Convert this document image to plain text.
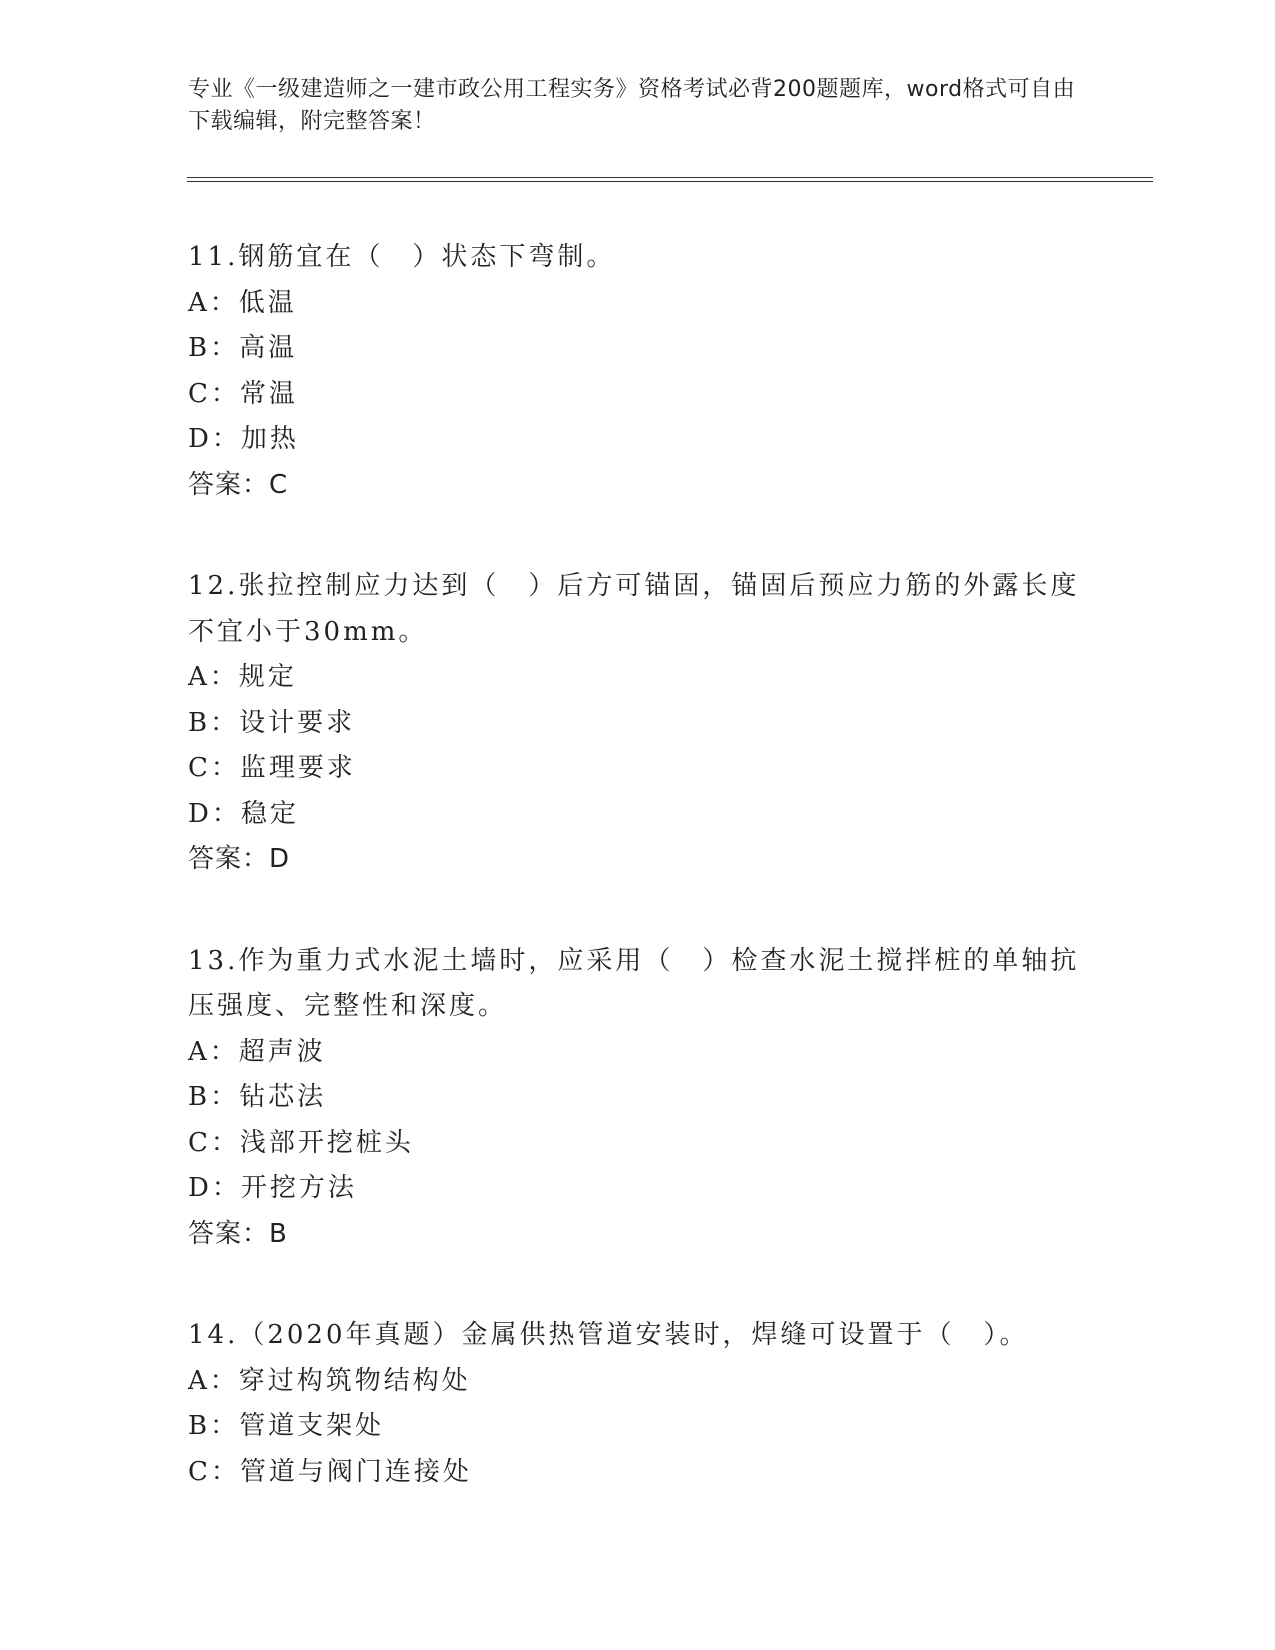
专业《一级建造师之一建市政公用工程实务》资格考试必背200题题库，word格式可自由下载编辑，附完整答案！
11.钢筋宜在（　）状态下弯制。
A：低温
B：高温
C：常温
D：加热
答案：C
12.张拉控制应力达到（　）后方可锚固，锚固后预应力筋的外露长度不宜小于30mm。
A：规定
B：设计要求
C：监理要求
D：稳定
答案：D
13.作为重力式水泥土墙时，应采用（　）检查水泥土搅拌桩的单轴抗压强度、完整性和深度。
A：超声波
B：钻芯法
C：浅部开挖桩头
D：开挖方法
答案：B
14.（2020年真题）金属供热管道安装时，焊缝可设置于（　）。
A：穿过构筑物结构处
B：管道支架处
C：管道与阀门连接处
